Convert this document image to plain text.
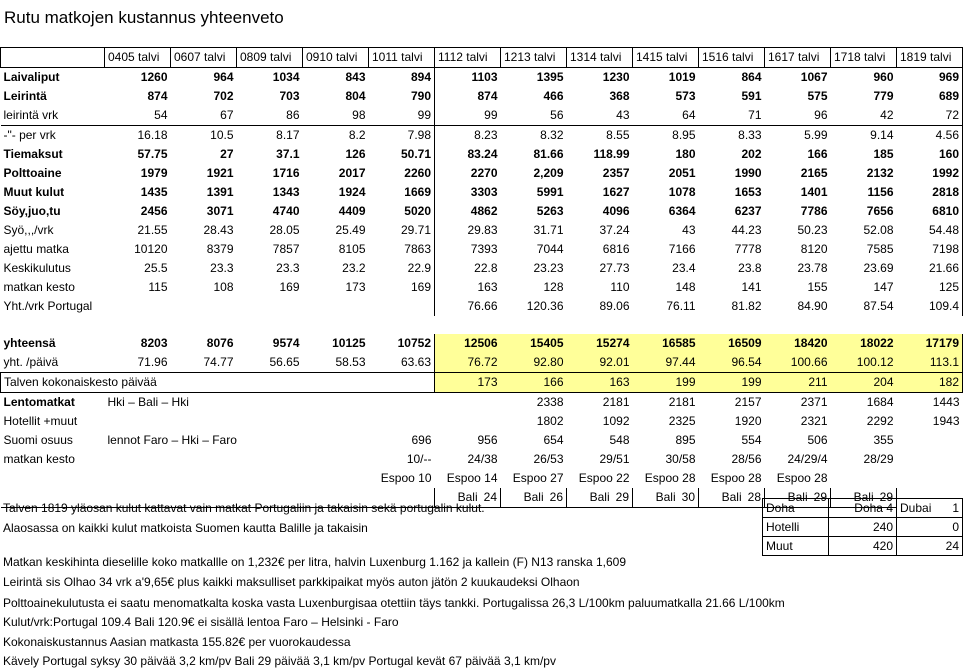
Rutu matkojen kustannus yhteenveto
	0405 talvi	0607 talvi	0809 talvi	0910 talvi	1011 talvi	1112 talvi	1213 talvi	1314 talvi	1415 talvi	1516 talvi	1617 talvi	1718 talvi	1819 talvi
Laivaliput	1260	964	1034	843	894	1103	1395	1230	1019	864	1067	960	969
Leirintä	874	702	703	804	790	874	466	368	573	591	575	779	689
leirintä vrk	54	67	86	98	99	99	56	43	64	71	96	42	72
-"- per vrk	16.18	10.5	8.17	8.2	7.98	8.23	8.32	8.55	8.95	8.33	5.99	9.14	4.56
Tiemaksut	57.75	27	37.1	126	50.71	83.24	81.66	118.99	180	202	166	185	160
Polttoaine	1979	1921	1716	2017	2260	2270	2,209	2357	2051	1990	2165	2132	1992
Muut kulut	1435	1391	1343	1924	1669	3303	5991	1627	1078	1653	1401	1156	2818
Söy,juo,tu	2456	3071	4740	4409	5020	4862	5263	4096	6364	6237	7786	7656	6810
Syö,,,/vrk	21.55	28.43	28.05	25.49	29.71	29.83	31.71	37.24	43	44.23	50.23	52.08	54.48
ajettu matka	10120	8379	7857	8105	7863	7393	7044	6816	7166	7778	8120	7585	7198
Keskikulutus	25.5	23.3	23.3	23.2	22.9	22.8	23.23	27.73	23.4	23.8	23.78	23.69	21.66
matkan kesto	115	108	169	173	169	163	128	110	148	141	155	147	125
Yht./vrk Portugal						76.66	120.36	89.06	76.11	81.82	84.90	87.54	109.4

yhteensä	8203	8076	9574	10125	10752	12506	15405	15274	16585	16509	18420	18022	17179
yht. /päivä	71.96	74.77	56.65	58.53	63.63	76.72	92.80	92.01	97.44	96.54	100.66	100.12	113.1
Talven kokonaiskesto päivää						173	166	163	199	199	211	204	182
Lentomatkat	Hki – Bali – Hki						2338	2181	2181	2157	2371	1684	1443
Hotellit +muut							1802	1092	2325	1920	2321	2292	1943
Suomi osuus	lennot Faro – Hki – Faro				696	956	654	548	895	554	506	355	
matkan kesto					10/--	24/38	26/53	29/51	30/58	28/56	24/29/4	28/29	
					Espoo 10	Espoo 14	Espoo 27	Espoo 22	Espoo 28	Espoo 28	Espoo 28		
						Bali 24	Bali 26	Bali 29	Bali 30	Bali 28	Bali 29	Bali 29	
Talven 1819 yläosan kulut kattavat vain matkat Portugaliin ja takaisin sekä portugalin kulut.
Alaosassa on kaikki kulut matkoista Suomen kautta Balille ja takaisin
Matkan keskihinta dieselille koko matkallle on 1,232€ per litra, halvin Luxenburg 1.162 ja kallein (F) N13 ranska 1,609
Leirintä sis Olhao 34 vrk a'9,65€ plus kaikki maksulliset parkkipaikat myös auton jätön 2 kuukaudeksi Olhaon
Polttoainekulutusta ei saatu menomatkalta koska vasta Luxenburgisaa otettiin täys tankki. Portugalissa 26,3 L/100km paluumatkalla 21.66 L/100km
Kulut/vrk:Portugal 109.4 Bali 120.9€ ei sisällä lentoa Faro – Helsinki - Faro
Kokonaiskustannus Aasian matkasta 155.82€ per vuorokaudessa
Kävely Portugal syksy 30 päivää 3,2 km/pv Bali 29 päivää 3,1 km/pv Portugal kevät 67 päivää 3,1 km/pv
Doha	Doha 4	Dubai 1

Hotelli	240	0
Muut	420	24
